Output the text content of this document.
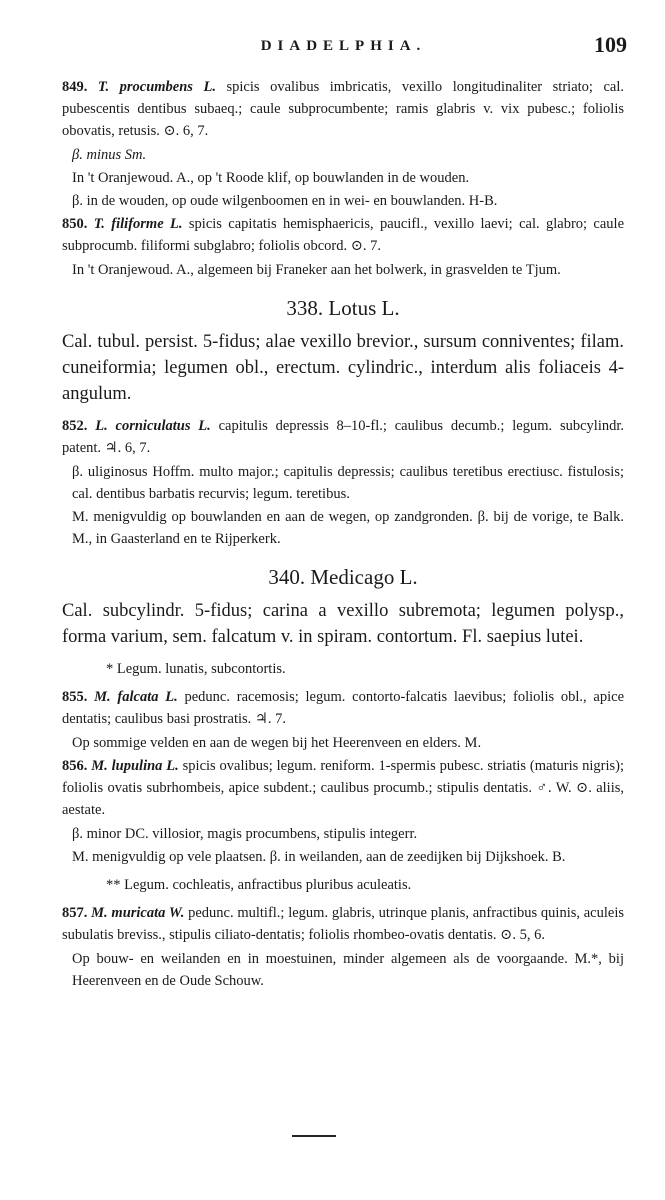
DIADELPHIA.	109

849. T. procumbens L. spicis ovalibus imbricatis, vexillo longitudinaliter striato; cal. pubescentis dentibus subaeq.; caule subprocumbente; ramis glabris v. vix pubesc.; foliolis obovatis, retusis. ⊙. 6, 7.

β. minus Sm.

In 't Oranjewoud. A., op 't Roode klif, op bouwlanden in de wouden.

β. in de wouden, op oude wilgenboomen en in wei- en bouwlanden. H-B.

850. T. filiforme L. spicis capitatis hemisphaericis, paucifl., vexillo laevi; cal. glabro; caule subprocumb. filiformi subglabro; foliolis obcord. ⊙. 7.

In 't Oranjewoud. A., algemeen bij Franeker aan het bolwerk, in grasvelden te Tjum.

338. Lotus L.

Cal. tubul. persist. 5-fidus; alae vexillo brevior., sursum conniventes; filam. cuneiformia; legumen obl., erectum. cylindric., interdum alis foliaceis 4-angulum.

852. L. corniculatus L. capitulis depressis 8–10-fl.; caulibus decumb.; legum. subcylindr. patent. ♃. 6, 7.

β. uliginosus Hoffm. multo major.; capitulis depressis; caulibus teretibus erectiusc. fistulosis; cal. dentibus barbatis recurvis; legum. teretibus.

M. menigvuldig op bouwlanden en aan de wegen, op zandgronden. β. bij de vorige, te Balk. M., in Gaasterland en te Rijperkerk.

340. Medicago L.

Cal. subcylindr. 5-fidus; carina a vexillo subremota; legumen polysp., forma varium, sem. falcatum v. in spiram. contortum. Fl. saepius lutei.

* Legum. lunatis, subcontortis.

855. M. falcata L. pedunc. racemosis; legum. contorto-falcatis laevibus; foliolis obl., apice dentatis; caulibus basi prostratis. ♃. 7.

Op sommige velden en aan de wegen bij het Heerenveen en elders. M.

856. M. lupulina L. spicis ovalibus; legum. reniform. 1-spermis pubesc. striatis (maturis nigris); foliolis ovatis subrhombeis, apice subdent.; caulibus procumb.; stipulis dentatis. ♂. W. ⊙. aliis, aestate.

β. minor DC. villosior, magis procumbens, stipulis integerr.

M. menigvuldig op vele plaatsen. β. in weilanden, aan de zeedijken bij Dijkshoek. B.

** Legum. cochleatis, anfractibus pluribus aculeatis.

857. M. muricata W. pedunc. multifl.; legum. glabris, utrinque planis, anfractibus quinis, aculeis subulatis breviss., stipulis ciliato-dentatis; foliolis rhombeo-ovatis dentatis. ⊙. 5, 6.

Op bouw- en weilanden en in moestuinen, minder algemeen als de voorgaande. M.*, bij Heerenveen en de Oude Schouw.
